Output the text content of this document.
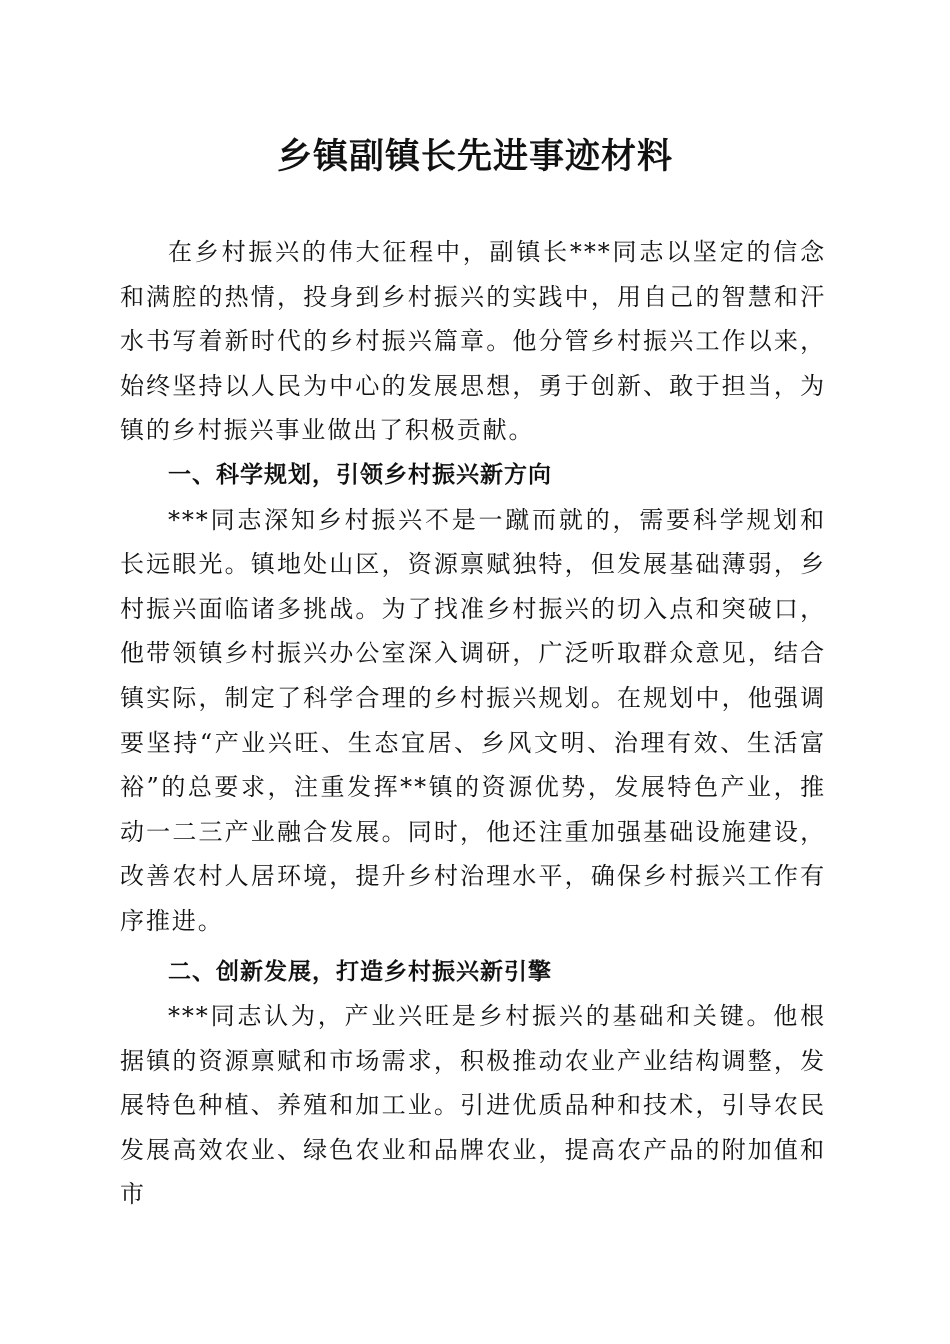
乡镇副镇长先进事迹材料

在乡村振兴的伟大征程中，副镇长***同志以坚定的信念和满腔的热情，投身到乡村振兴的实践中，用自己的智慧和汗水书写着新时代的乡村振兴篇章。他分管乡村振兴工作以来，始终坚持以人民为中心的发展思想，勇于创新、敢于担当，为镇的乡村振兴事业做出了积极贡献。

一、科学规划，引领乡村振兴新方向

***同志深知乡村振兴不是一蹴而就的，需要科学规划和长远眼光。镇地处山区，资源禀赋独特，但发展基础薄弱，乡村振兴面临诸多挑战。为了找准乡村振兴的切入点和突破口，他带领镇乡村振兴办公室深入调研，广泛听取群众意见，结合镇实际，制定了科学合理的乡村振兴规划。在规划中，他强调要坚持“产业兴旺、生态宜居、乡风文明、治理有效、生活富裕”的总要求，注重发挥**镇的资源优势，发展特色产业，推动一二三产业融合发展。同时，他还注重加强基础设施建设，改善农村人居环境，提升乡村治理水平，确保乡村振兴工作有序推进。

二、创新发展，打造乡村振兴新引擎

***同志认为，产业兴旺是乡村振兴的基础和关键。他根据镇的资源禀赋和市场需求，积极推动农业产业结构调整，发展特色种植、养殖和加工业。引进优质品种和技术，引导农民发展高效农业、绿色农业和品牌农业，提高农产品的附加值和市
